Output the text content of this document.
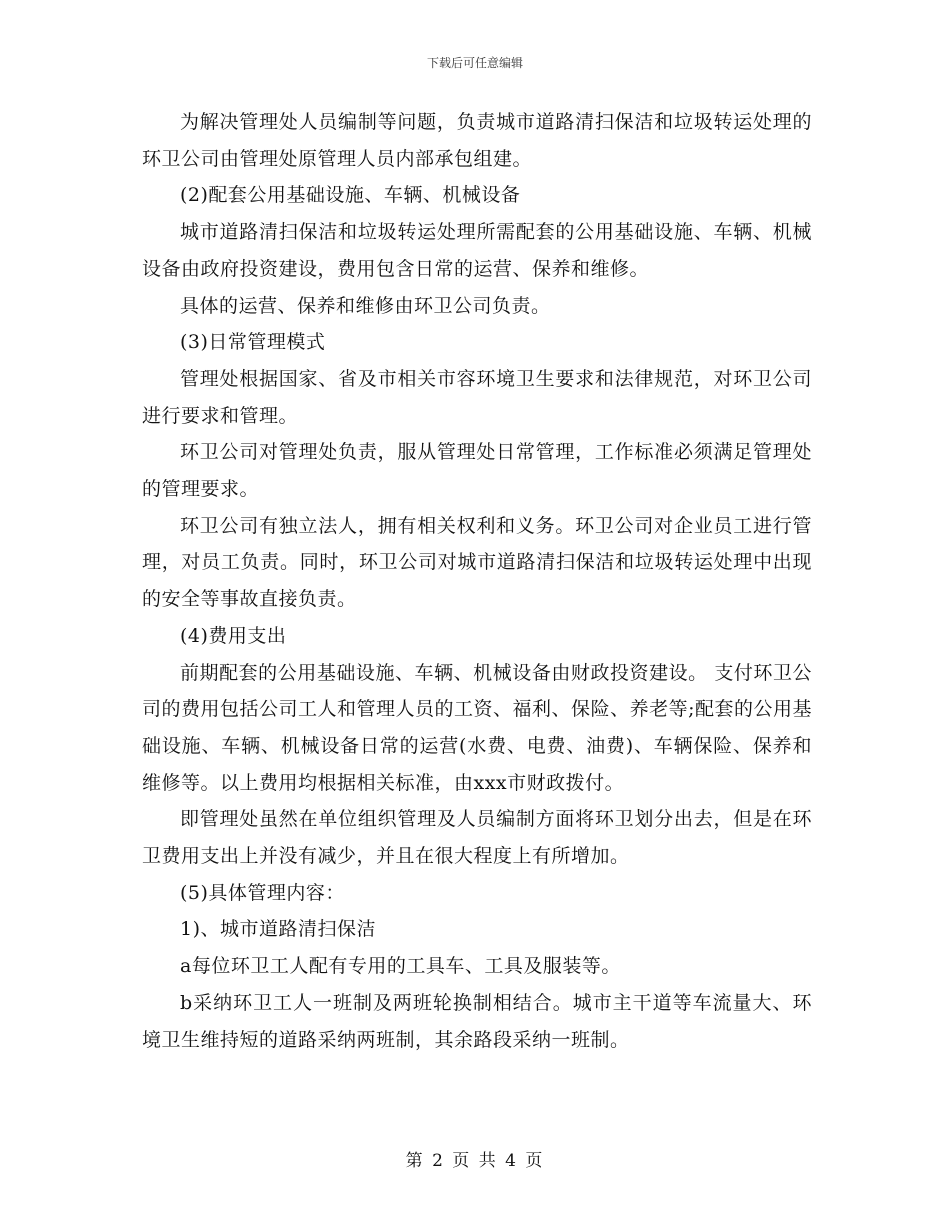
下载后可任意编辑

为解决管理处人员编制等问题，负责城市道路清扫保洁和垃圾转运处理的环卫公司由管理处原管理人员内部承包组建。

(2)配套公用基础设施、车辆、机械设备

城市道路清扫保洁和垃圾转运处理所需配套的公用基础设施、车辆、机械设备由政府投资建设，费用包含日常的运营、保养和维修。

具体的运营、保养和维修由环卫公司负责。

(3)日常管理模式

管理处根据国家、省及市相关市容环境卫生要求和法律规范，对环卫公司进行要求和管理。

环卫公司对管理处负责，服从管理处日常管理，工作标准必须满足管理处的管理要求。

环卫公司有独立法人，拥有相关权利和义务。环卫公司对企业员工进行管理，对员工负责。同时，环卫公司对城市道路清扫保洁和垃圾转运处理中出现的安全等事故直接负责。

(4)费用支出

前期配套的公用基础设施、车辆、机械设备由财政投资建设。 支付环卫公司的费用包括公司工人和管理人员的工资、福利、保险、养老等;配套的公用基础设施、车辆、机械设备日常的运营(水费、电费、油费)、车辆保险、保养和维修等。以上费用均根据相关标准，由xxx市财政拨付。

即管理处虽然在单位组织管理及人员编制方面将环卫划分出去，但是在环卫费用支出上并没有减少，并且在很大程度上有所增加。

(5)具体管理内容：

1)、城市道路清扫保洁

a每位环卫工人配有专用的工具车、工具及服装等。

b采纳环卫工人一班制及两班轮换制相结合。城市主干道等车流量大、环境卫生维持短的道路采纳两班制，其余路段采纳一班制。

第 2 页 共 4 页
